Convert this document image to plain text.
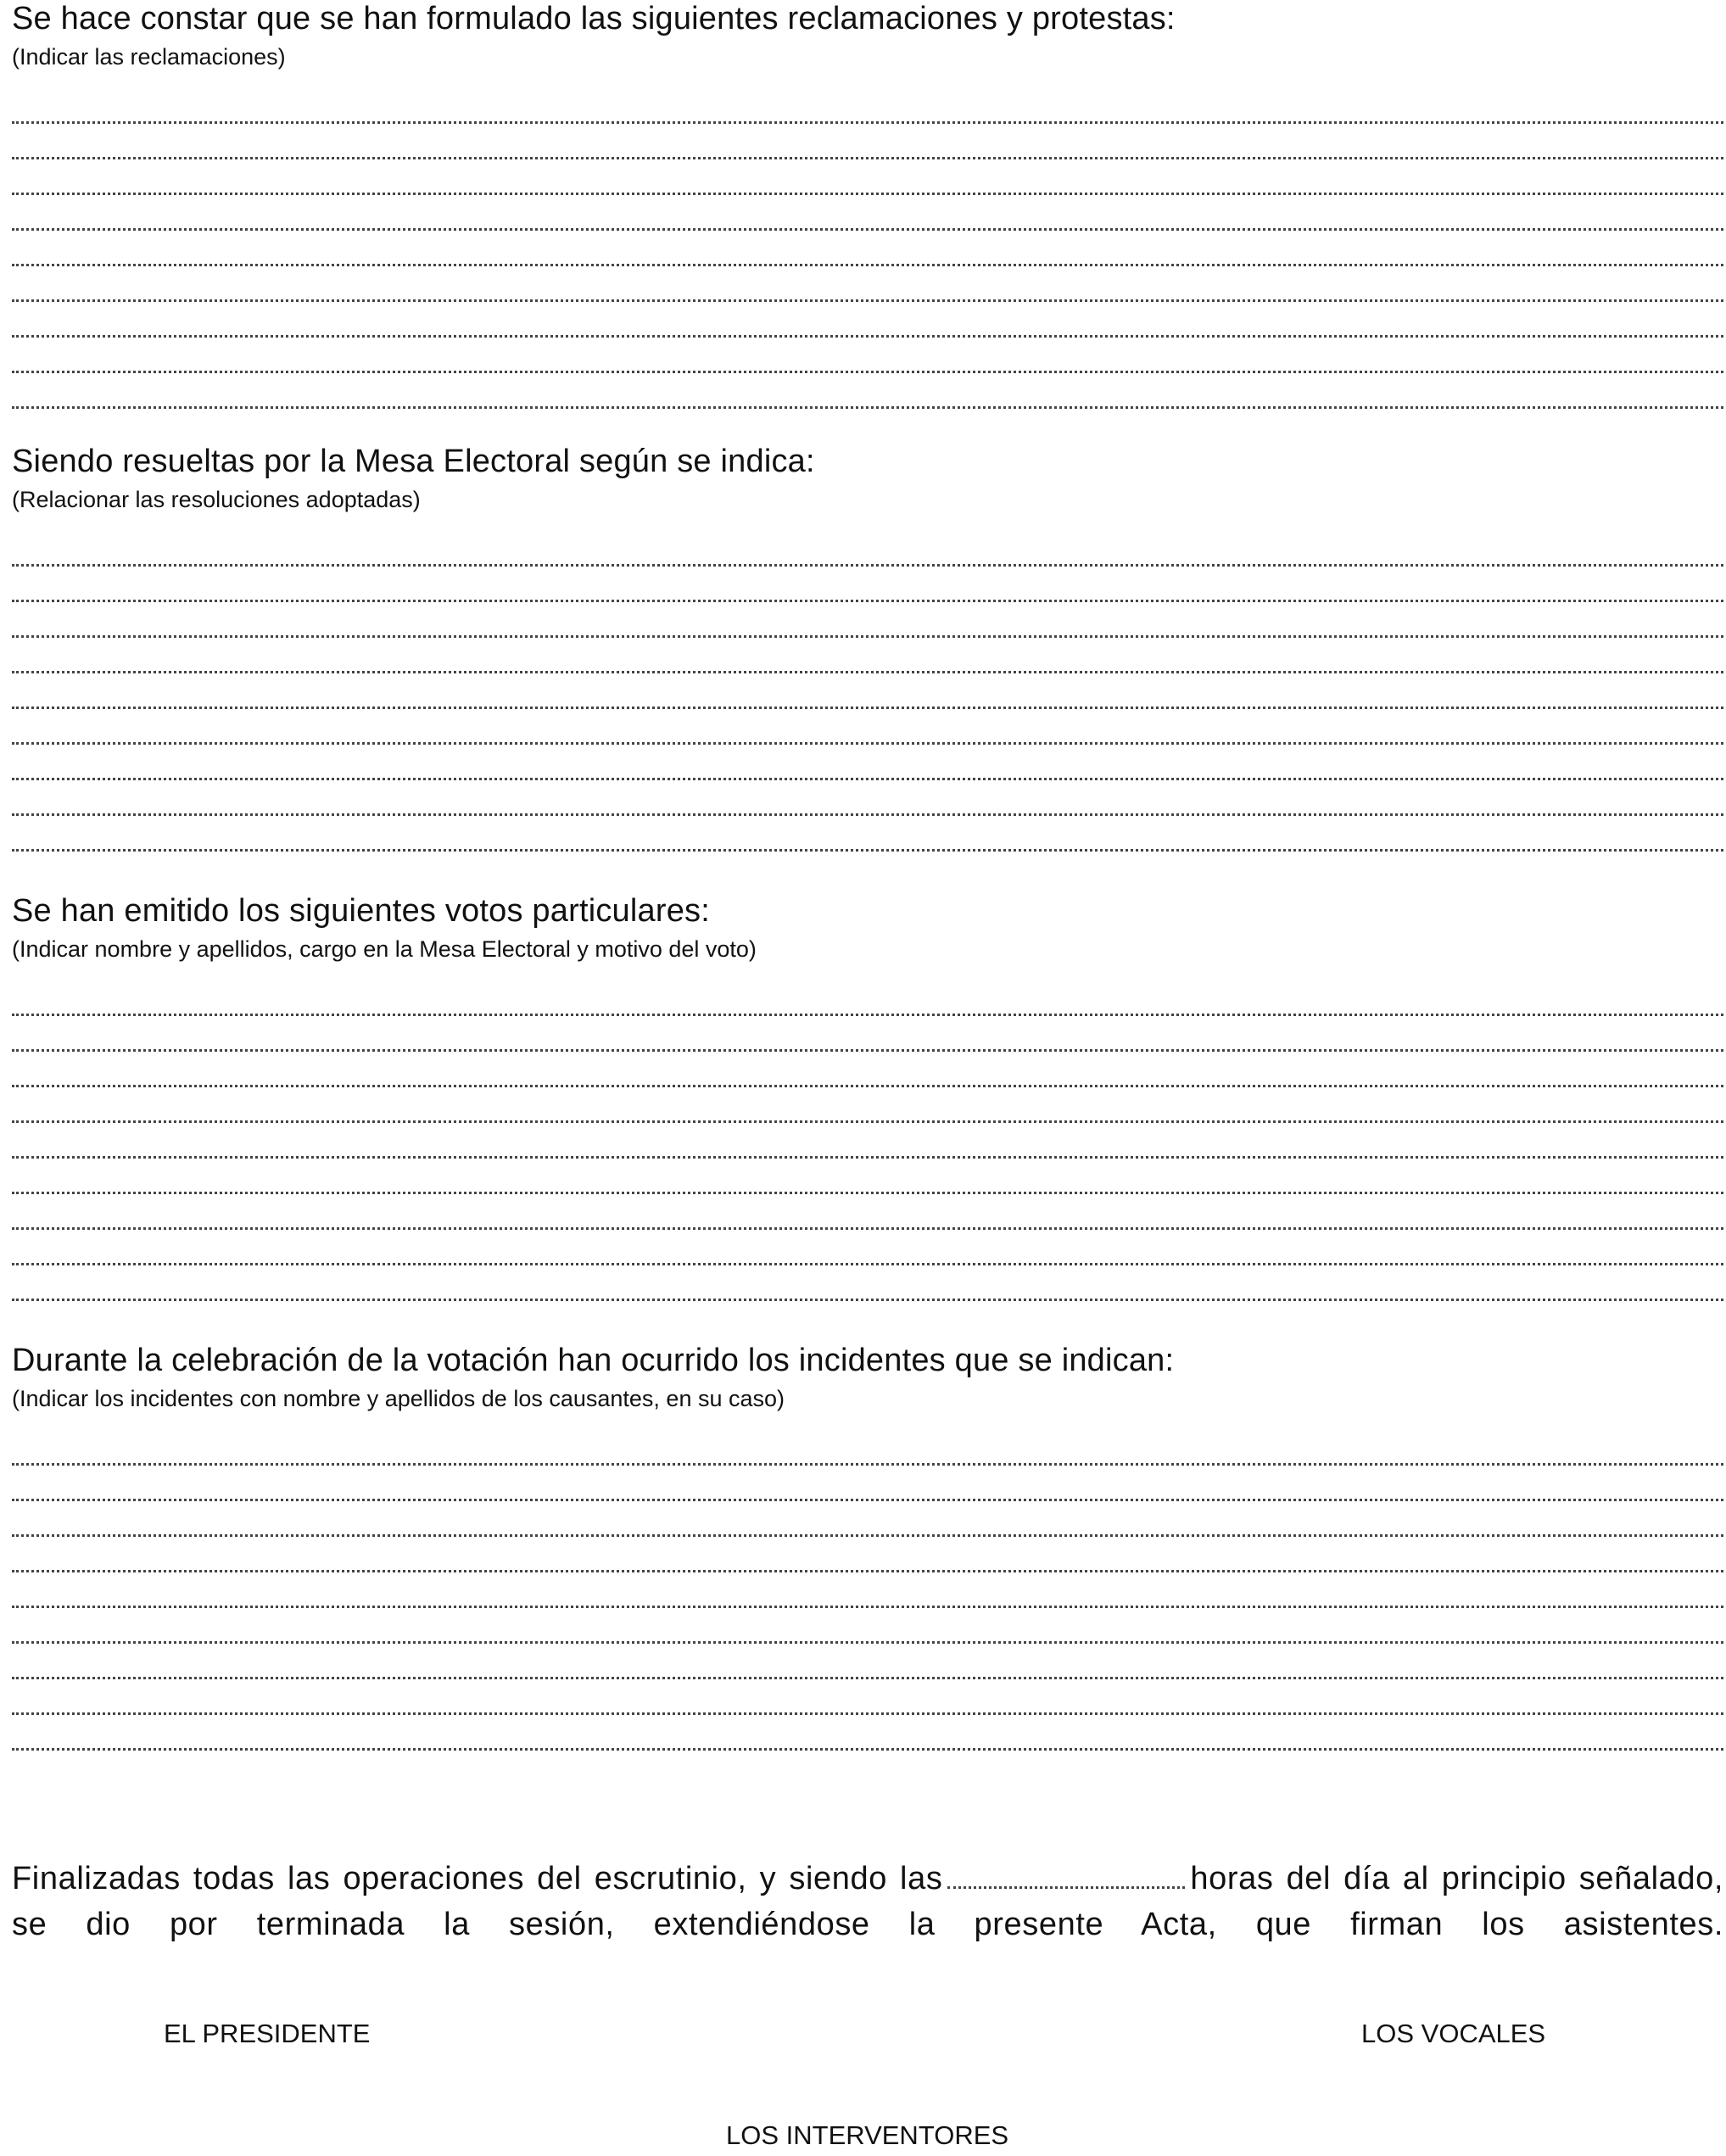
Se hace constar que se han formulado las siguientes reclamaciones y protestas:

(Indicar las reclamaciones)

Siendo resueltas por la Mesa Electoral según se indica:

(Relacionar las resoluciones adoptadas)

Se han emitido los siguientes votos particulares:

(Indicar nombre y apellidos, cargo en la Mesa Electoral y motivo del voto)

Durante la celebración de la votación han ocurrido los incidentes que se indican:

(Indicar los incidentes con nombre y apellidos de los causantes, en su caso)

Finalizadas todas las operaciones del escrutinio, y siendo las	horas del día al principio señalado, se dio por terminada la sesión, extendiéndose la presente Acta, que firman los asistentes.
EL PRESIDENTE	LOS VOCALES
LOS INTERVENTORES
